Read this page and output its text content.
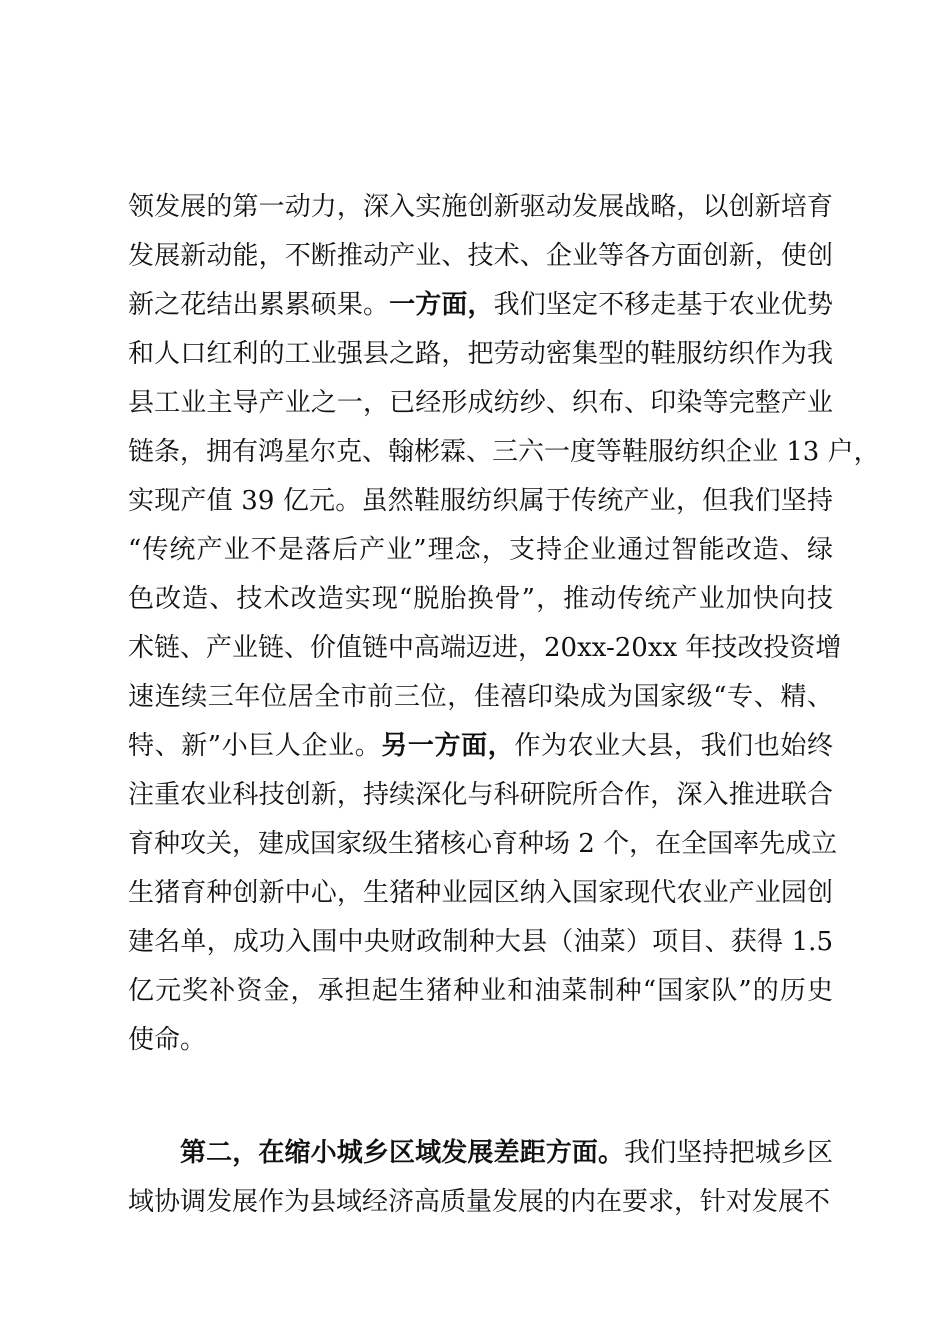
领发展的第一动力，深入实施创新驱动发展战略，以创新培育
发展新动能，不断推动产业、技术、企业等各方面创新，使创
新之花结出累累硕果。一方面，我们坚定不移走基于农业优势
和人口红利的工业强县之路，把劳动密集型的鞋服纺织作为我
县工业主导产业之一，已经形成纺纱、织布、印染等完整产业
链条，拥有鸿星尔克、翰彬霖、三六一度等鞋服纺织企业 13 户，
实现产值 39 亿元。虽然鞋服纺织属于传统产业，但我们坚持
“传统产业不是落后产业”理念，支持企业通过智能改造、绿
色改造、技术改造实现“脱胎换骨”，推动传统产业加快向技
术链、产业链、价值链中高端迈进，20xx-20xx 年技改投资增
速连续三年位居全市前三位，佳禧印染成为国家级“专、精、
特、新”小巨人企业。另一方面，作为农业大县，我们也始终
注重农业科技创新，持续深化与科研院所合作，深入推进联合
育种攻关，建成国家级生猪核心育种场 2 个，在全国率先成立
生猪育种创新中心，生猪种业园区纳入国家现代农业产业园创
建名单，成功入围中央财政制种大县（油菜）项目、获得 1.5
亿元奖补资金，承担起生猪种业和油菜制种“国家队”的历史
使命。
第二，在缩小城乡区域发展差距方面。我们坚持把城乡区
域协调发展作为县域经济高质量发展的内在要求，针对发展不
